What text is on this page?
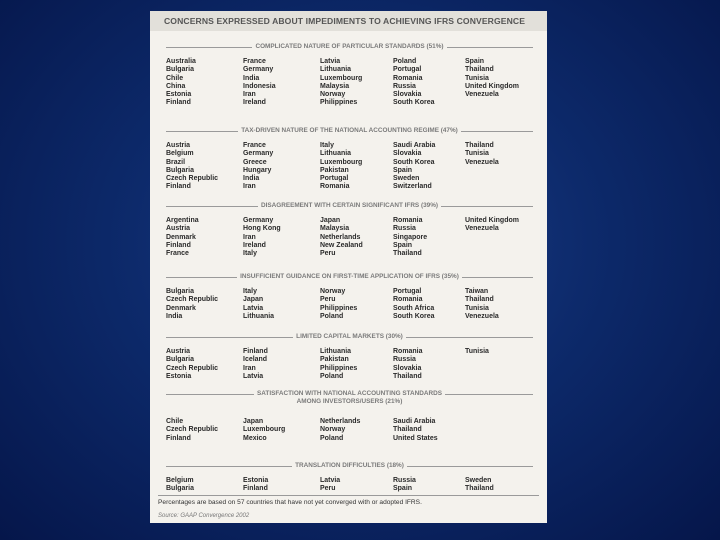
CONCERNS EXPRESSED ABOUT IMPEDIMENTS TO ACHIEVING IFRS CONVERGENCE
COMPLICATED NATURE OF PARTICULAR STANDARDS (51%)
Australia
Bulgaria
Chile
China
Estonia
Finland
France
Germany
India
Indonesia
Iran
Ireland
Latvia
Lithuania
Luxembourg
Malaysia
Norway
Philippines
Poland
Portugal
Romania
Russia
Slovakia
South Korea
Spain
Thailand
Tunisia
United Kingdom
Venezuela
TAX-DRIVEN NATURE OF THE NATIONAL ACCOUNTING REGIME (47%)
Austria
Belgium
Brazil
Bulgaria
Czech Republic
Finland
France
Germany
Greece
Hungary
India
Iran
Italy
Lithuania
Luxembourg
Pakistan
Portugal
Romania
Saudi Arabia
Slovakia
South Korea
Spain
Sweden
Switzerland
Thailand
Tunisia
Venezuela
DISAGREEMENT WITH CERTAIN SIGNIFICANT IFRS (39%)
Argentina
Austria
Denmark
Finland
France
Germany
Hong Kong
Iran
Ireland
Italy
Japan
Malaysia
Netherlands
New Zealand
Peru
Romania
Russia
Singapore
Spain
Thailand
United Kingdom
Venezuela
INSUFFICIENT GUIDANCE ON FIRST-TIME APPLICATION OF IFRS (35%)
Bulgaria
Czech Republic
Denmark
India
Italy
Japan
Latvia
Lithuania
Norway
Peru
Philippines
Poland
Portugal
Romania
South Africa
South Korea
Taiwan
Thailand
Tunisia
Venezuela
LIMITED CAPITAL MARKETS (30%)
Austria
Bulgaria
Czech Republic
Estonia
Finland
Iceland
Iran
Latvia
Lithuania
Pakistan
Philippines
Poland
Romania
Russia
Slovakia
Thailand
Tunisia
SATISFACTION WITH NATIONAL ACCOUNTING STANDARDS
AMONG INVESTORS/USERS (21%)
Chile
Czech Republic
Finland
Japan
Luxembourg
Mexico
Netherlands
Norway
Poland
Saudi Arabia
Thailand
United States
TRANSLATION DIFFICULTIES (18%)
Belgium
Bulgaria
Estonia
Finland
Latvia
Peru
Russia
Spain
Sweden
Thailand
Percentages are based on 57 countries that have not yet converged with or adopted IFRS.
Source: GAAP Convergence 2002
